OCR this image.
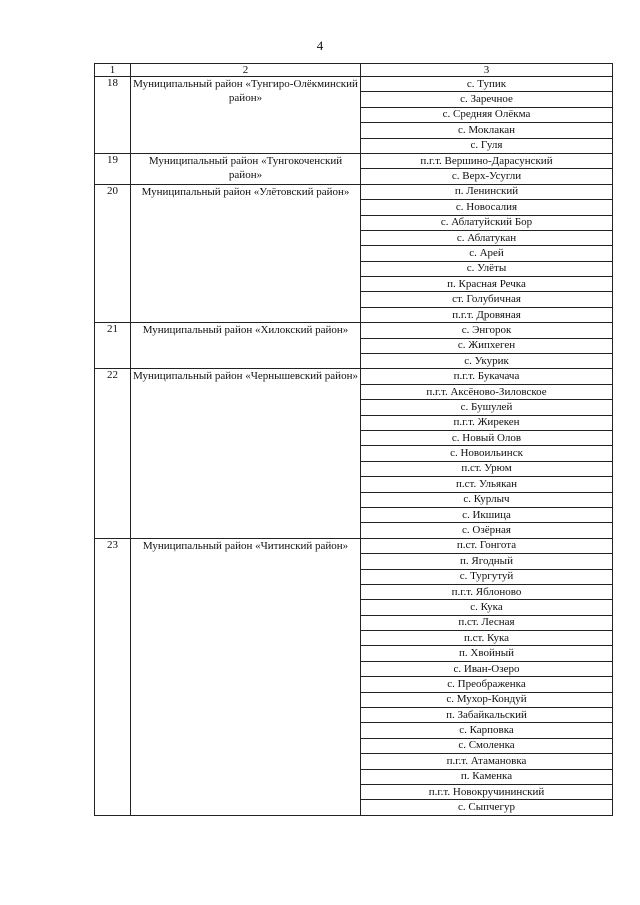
4
1	2	3
18	Муниципальный район «Тунгиро-Олёкминский район»	с. Тупик
		с. Заречное
		с. Средняя Олёкма
		с. Моклакан
		с. Гуля
19	Муниципальный район «Тунгокоченский район»	п.г.т. Вершино-Дарасунский
		с. Верх-Усугли
20	Муниципальный район «Улётовский район»	п. Ленинский
		с. Новосалия
		с. Аблатуйский Бор
		с. Аблатукан
		с. Арей
		с. Улёты
		п. Красная Речка
		ст. Голубичная
		п.г.т. Дровяная
21	Муниципальный район «Хилокский район»	с. Энгорок
		с. Жипхеген
		с. Укурик
22	Муниципальный район «Чернышевский район»	п.г.т. Букачача
		п.г.т. Аксёново-Зиловское
		с. Бушулей
		п.г.т. Жирекен
		с. Новый Олов
		с. Новоильинск
		п.ст. Урюм
		п.ст. Ульякан
		с. Курлыч
		с. Икшица
		с. Озёрная
23	Муниципальный район «Читинский район»	п.ст. Гонгота
		п. Ягодный
		с. Тургутуй
		п.г.т. Яблоново
		с. Кука
		п.ст. Лесная
		п.ст. Кука
		п. Хвойный
		с. Иван-Озеро
		с. Преображенка
		с. Мухор-Кондуй
		п. Забайкальский
		с. Карповка
		с. Смоленка
		п.г.т. Атамановка
		п. Каменка
		п.г.т. Новокручининский
		с. Сыпчегур
